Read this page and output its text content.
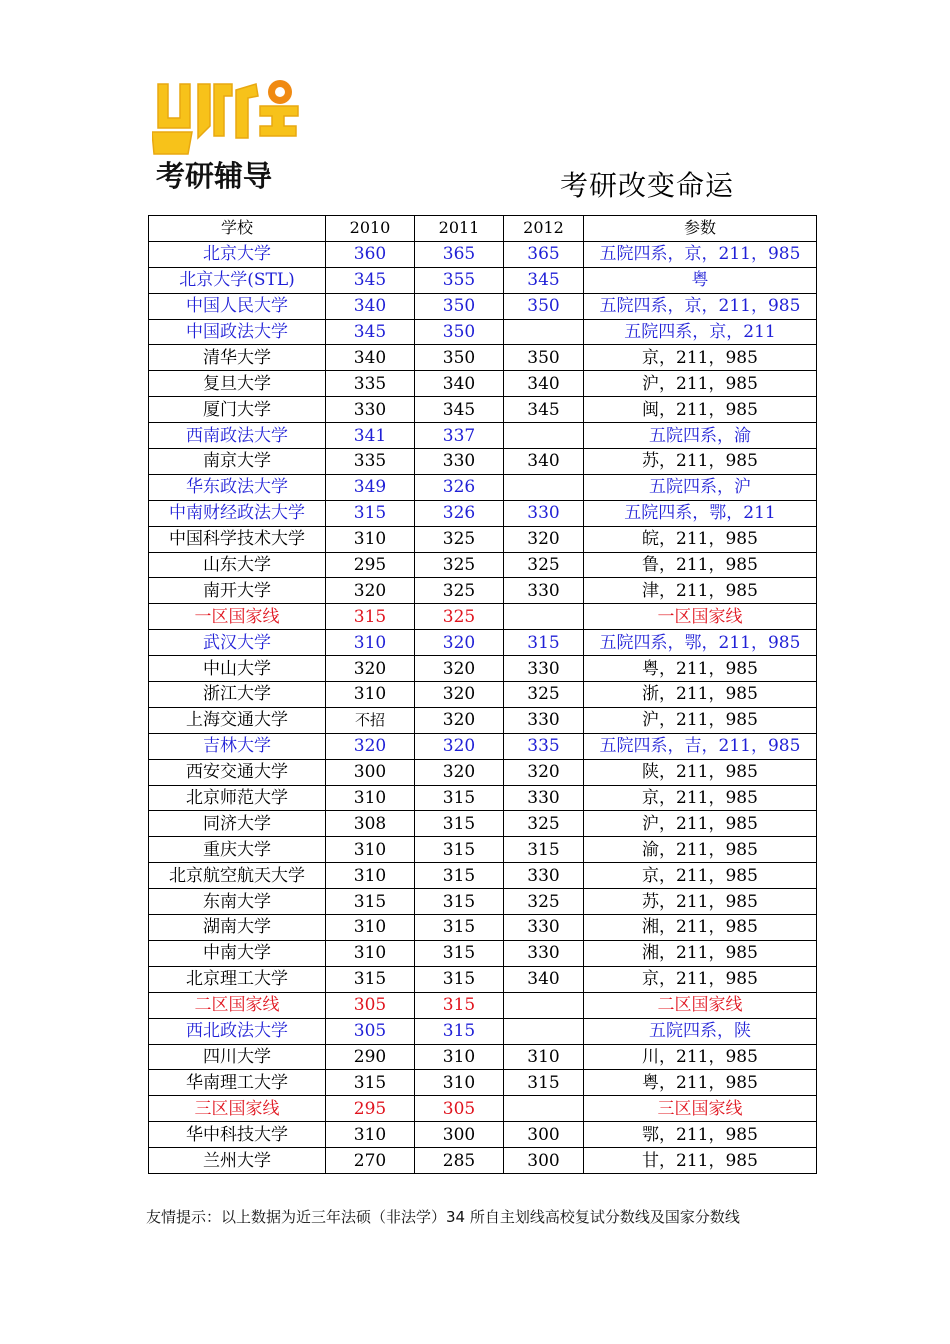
考研辅导	考研改变命运
学校	2010	2011	2012	参数
北京大学	360	365	365	五院四系，京，211，985
北京大学(STL)	345	355	345	粤
中国人民大学	340	350	350	五院四系，京，211，985
中国政法大学	345	350		五院四系，京，211
清华大学	340	350	350	京，211，985
复旦大学	335	340	340	沪，211，985
厦门大学	330	345	345	闽，211，985
西南政法大学	341	337		五院四系，渝
南京大学	335	330	340	苏，211，985
华东政法大学	349	326		五院四系，沪
中南财经政法大学	315	326	330	五院四系，鄂，211
中国科学技术大学	310	325	320	皖，211，985
山东大学	295	325	325	鲁，211，985
南开大学	320	325	330	津，211，985
一区国家线	315	325		一区国家线
武汉大学	310	320	315	五院四系，鄂，211，985
中山大学	320	320	330	粤，211，985
浙江大学	310	320	325	浙，211，985
上海交通大学	不招	320	330	沪，211，985
吉林大学	320	320	335	五院四系，吉，211，985
西安交通大学	300	320	320	陕，211，985
北京师范大学	310	315	330	京，211，985
同济大学	308	315	325	沪，211，985
重庆大学	310	315	315	渝，211，985
北京航空航天大学	310	315	330	京，211，985
东南大学	315	315	325	苏，211，985
湖南大学	310	315	330	湘，211，985
中南大学	310	315	330	湘，211，985
北京理工大学	315	315	340	京，211，985
二区国家线	305	315		二区国家线
西北政法大学	305	315		五院四系，陕
四川大学	290	310	310	川，211，985
华南理工大学	315	310	315	粤，211，985
三区国家线	295	305		三区国家线
华中科技大学	310	300	300	鄂，211，985
兰州大学	270	285	300	甘，211，985
友情提示：以上数据为近三年法硕（非法学）34 所自主划线高校复试分数线及国家分数线
